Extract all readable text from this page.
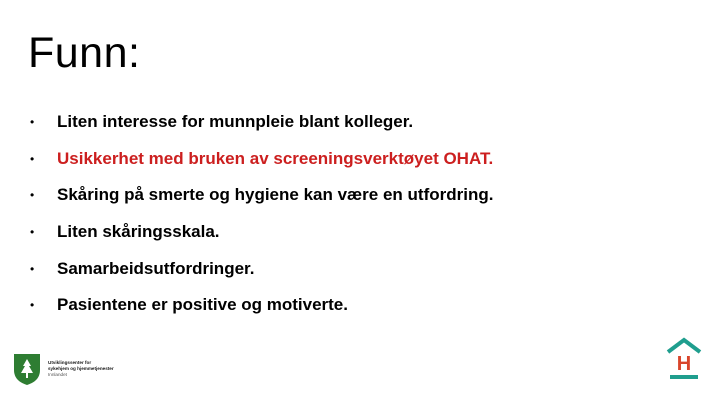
Funn:
•	Liten interesse for munnpleie blant kolleger.
•	Usikkerhet med bruken av screeningsverktøyet OHAT.
•	Skåring på smerte og hygiene kan være en utfordring.
•	Liten skåringsskala.
•	Samarbeidsutfordringer.
•	Pasientene er positive og motiverte.
Utviklingssenter for
sykehjem og hjemmetjenester
Innlandet	H
